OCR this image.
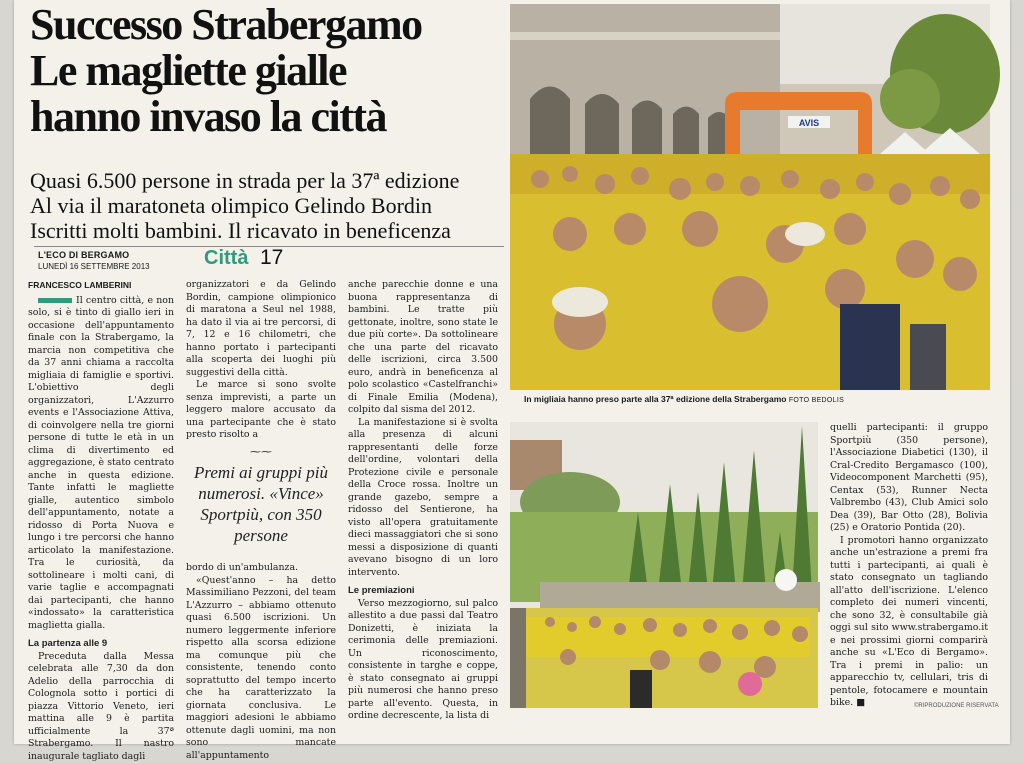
Successo Strabergamo
Le magliette gialle
hanno invaso la città
Quasi 6.500 persone in strada per la 37ª edizione
Al via il maratoneta olimpico Gelindo Bordin
Iscritti molti bambini. Il ricavato in beneficenza
L'ECO DI BERGAMO
LUNEDÌ 16 SETTEMBRE 2013	Città 17

FRANCESCO LAMBERINI

Il centro città, e non solo, si è tinto di giallo ieri in occasione dell'appuntamento finale con la Strabergamo, la marcia non competitiva che da 37 anni chiama a raccolta migliaia di famiglie e sportivi. L'obiettivo degli organizzatori, L'Azzurro events e l'Associazione Attiva, di coinvolgere nella tre giorni persone di tutte le età in un clima di divertimento ed aggregazione, è stato centrato anche in questa edizione. Tante infatti le magliette gialle, autentico simbolo dell'appuntamento, notate a ridosso di Porta Nuova e lungo i tre percorsi che hanno articolato la manifestazione. Tra le curiosità, da sottolineare i molti cani, di varie taglie e accompagnati dai partecipanti, che hanno «indossato» la caratteristica maglietta gialla.

La partenza alle 9

Preceduta dalla Messa celebrata alle 7,30 da don Adelio della parrocchia di Colognola sotto i portici di piazza Vittorio Veneto, ieri mattina alle 9 è partita ufficialmente la 37ª Strabergamo. Il nastro inaugurale tagliato dagli

organizzatori e da Gelindo Bordin, campione olimpionico di maratona a Seul nel 1988, ha dato il via ai tre percorsi, di 7, 12 e 16 chilometri, che hanno portato i partecipanti alla scoperta dei luoghi più suggestivi della città.

Le marce si sono svolte senza imprevisti, a parte un leggero malore accusato da una partecipante che è stato presto risolto a

⁓⁓
Premi ai gruppi più numerosi. «Vince» Sportpiù, con 350 persone

bordo di un'ambulanza.

«Quest'anno – ha detto Massimiliano Pezzoni, del team L'Azzurro – abbiamo ottenuto quasi 6.500 iscrizioni. Un numero leggermente inferiore rispetto alla scorsa edizione ma comunque più che consistente, tenendo conto soprattutto del tempo incerto che ha caratterizzato la giornata conclusiva. Le maggiori adesioni le abbiamo ottenute dagli uomini, ma non sono mancate all'appuntamento

anche parecchie donne e una buona rappresentanza di bambini. Le tratte più gettonate, inoltre, sono state le due più corte». Da sottolineare che una parte del ricavato delle iscrizioni, circa 3.500 euro, andrà in beneficenza al polo scolastico «Castelfranchi» di Finale Emilia (Modena), colpito dal sisma del 2012.

La manifestazione si è svolta alla presenza di alcuni rappresentanti delle forze dell'ordine, volontari della Protezione civile e personale della Croce rossa. Inoltre un grande gazebo, sempre a ridosso del Sentierone, ha visto all'opera gratuitamente dieci massaggiatori che si sono messi a disposizione di quanti avevano bisogno di un loro intervento.

Le premiazioni

Verso mezzogiorno, sul palco allestito a due passi dal Teatro Donizetti, è iniziata la cerimonia delle premiazioni. Un riconoscimento, consistente in targhe e coppe, è stato consegnato ai gruppi più numerosi che hanno preso parte all'evento. Questa, in ordine decrescente, la lista di

AVIS
In migliaia hanno preso parte alla 37ª edizione della Strabergamo FOTO BEDOLIS

quelli partecipanti: il gruppo Sportpiù (350 persone), l'Associazione Diabetici (130), il Cral-Credito Bergamasco (100), Videocomponent Marchetti (95), Centax (53), Runner Necta Valbrembo (43), Club Amici solo Dea (39), Bar Otto (28), Bolivia (25) e Oratorio Pontida (20).

I promotori hanno organizzato anche un'estrazione a premi fra tutti i partecipanti, ai quali è stato consegnato un tagliando all'atto dell'iscrizione. L'elenco completo dei numeri vincenti, che sono 32, è consultabile già oggi sul sito www.strabergamo.it e nei prossimi giorni comparirà anche su «L'Eco di Bergamo». Tra i premi in palio: un apparecchio tv, cellulari, tris di pentole, fotocamere e mountain bike. ■	©RIPRODUZIONE RISERVATA
